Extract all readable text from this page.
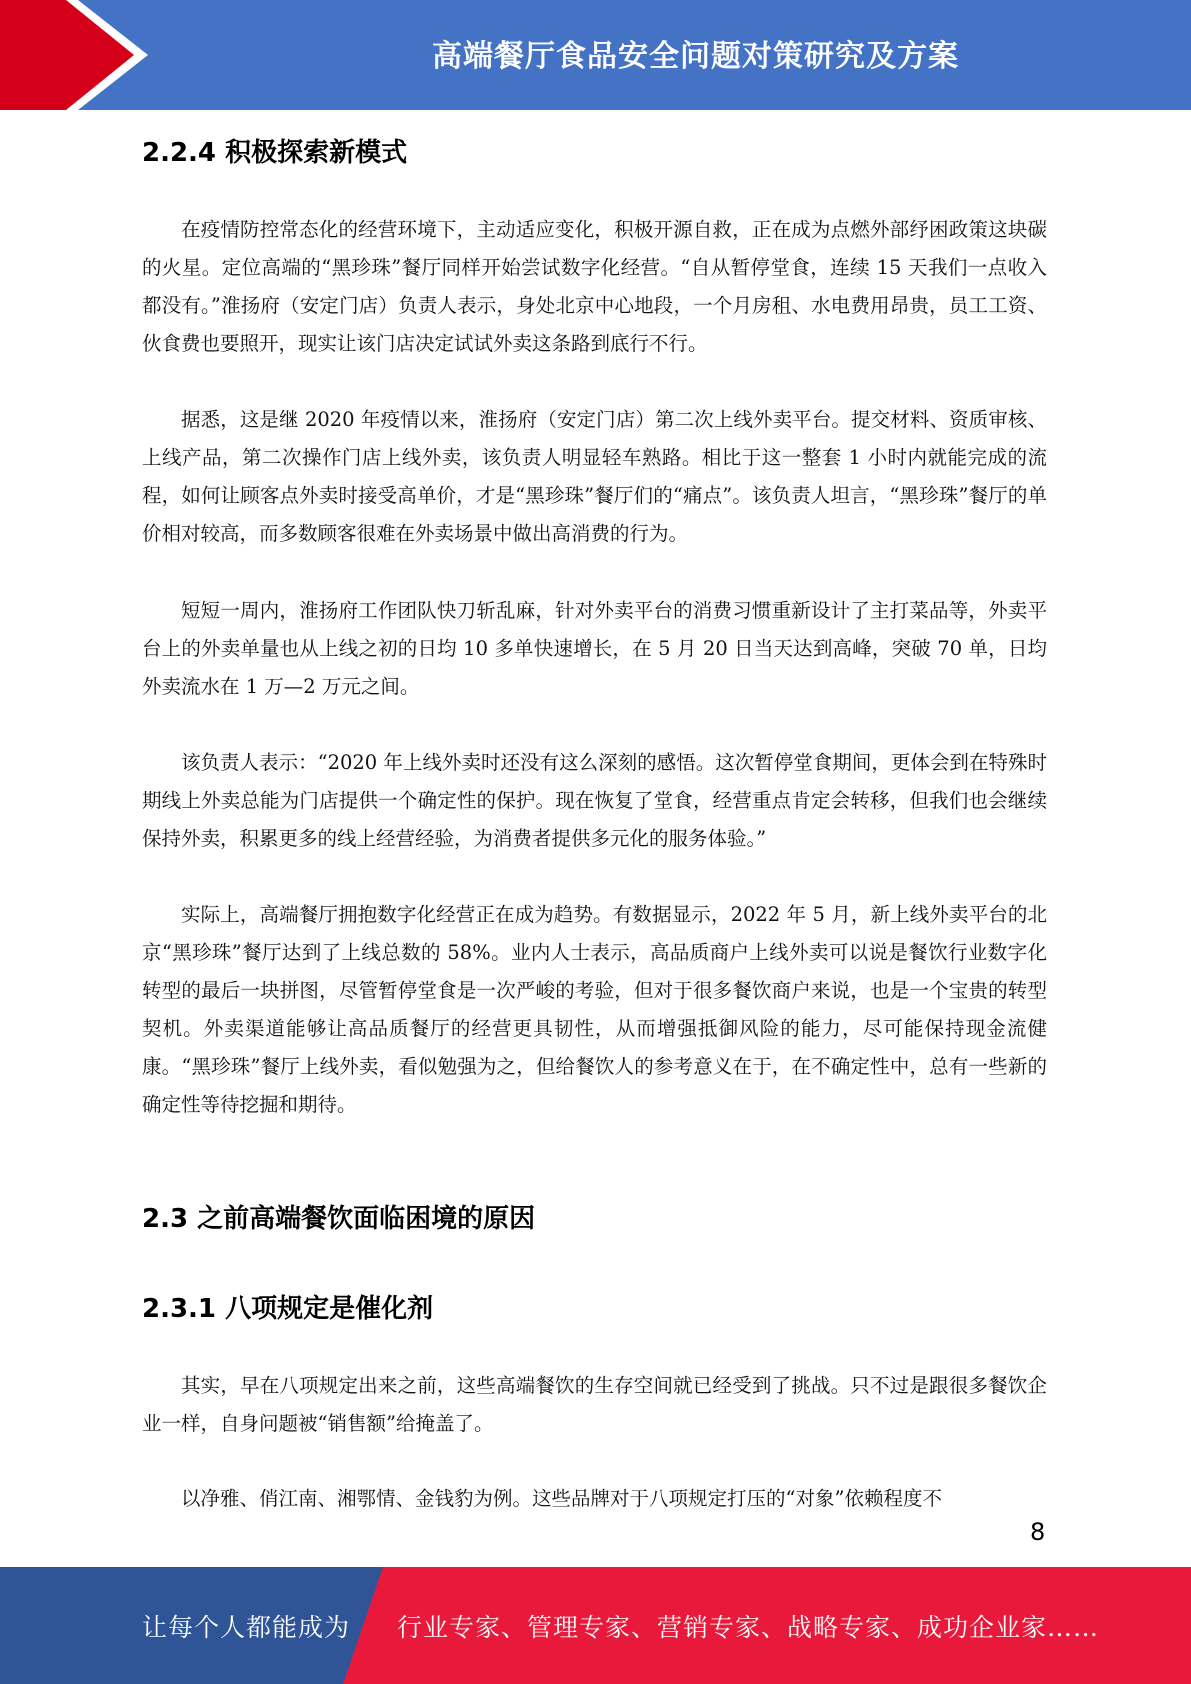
高端餐厅食品安全问题对策研究及方案
2.2.4 积极探索新模式

在疫情防控常态化的经营环境下，主动适应变化，积极开源自救，正在成为点燃外部纾困政策这块碳的火星。定位高端的“黑珍珠”餐厅同样开始尝试数字化经营。“自从暂停堂食，连续 15 天我们一点收入都没有。”淮扬府（安定门店）负责人表示，身处北京中心地段，一个月房租、水电费用昂贵，员工工资、伙食费也要照开，现实让该门店决定试试外卖这条路到底行不行。

据悉，这是继 2020 年疫情以来，淮扬府（安定门店）第二次上线外卖平台。提交材料、资质审核、上线产品，第二次操作门店上线外卖，该负责人明显轻车熟路。相比于这一整套 1 小时内就能完成的流程，如何让顾客点外卖时接受高单价，才是“黑珍珠”餐厅们的“痛点”。该负责人坦言，“黑珍珠”餐厅的单价相对较高，而多数顾客很难在外卖场景中做出高消费的行为。

短短一周内，淮扬府工作团队快刀斩乱麻，针对外卖平台的消费习惯重新设计了主打菜品等，外卖平台上的外卖单量也从上线之初的日均 10 多单快速增长，在 5 月 20 日当天达到高峰，突破 70 单，日均外卖流水在 1 万—2 万元之间。

该负责人表示：“2020 年上线外卖时还没有这么深刻的感悟。这次暂停堂食期间，更体会到在特殊时期线上外卖总能为门店提供一个确定性的保护。现在恢复了堂食，经营重点肯定会转移，但我们也会继续保持外卖，积累更多的线上经营经验，为消费者提供多元化的服务体验。”

实际上，高端餐厅拥抱数字化经营正在成为趋势。有数据显示，2022 年 5 月，新上线外卖平台的北京“黑珍珠”餐厅达到了上线总数的 58%。业内人士表示，高品质商户上线外卖可以说是餐饮行业数字化转型的最后一块拼图，尽管暂停堂食是一次严峻的考验，但对于很多餐饮商户来说，也是一个宝贵的转型契机。外卖渠道能够让高品质餐厅的经营更具韧性，从而增强抵御风险的能力，尽可能保持现金流健康。“黑珍珠”餐厅上线外卖，看似勉强为之，但给餐饮人的参考意义在于，在不确定性中，总有一些新的确定性等待挖掘和期待。

2.3 之前高端餐饮面临困境的原因
2.3.1 八项规定是催化剂

其实，早在八项规定出来之前，这些高端餐饮的生存空间就已经受到了挑战。只不过是跟很多餐饮企业一样，自身问题被“销售额”给掩盖了。

以净雅、俏江南、湘鄂情、金钱豹为例。这些品牌对于八项规定打压的“对象”依赖程度不

8
让每个人都能成为 行业专家、管理专家、营销专家、战略专家、成功企业家……
